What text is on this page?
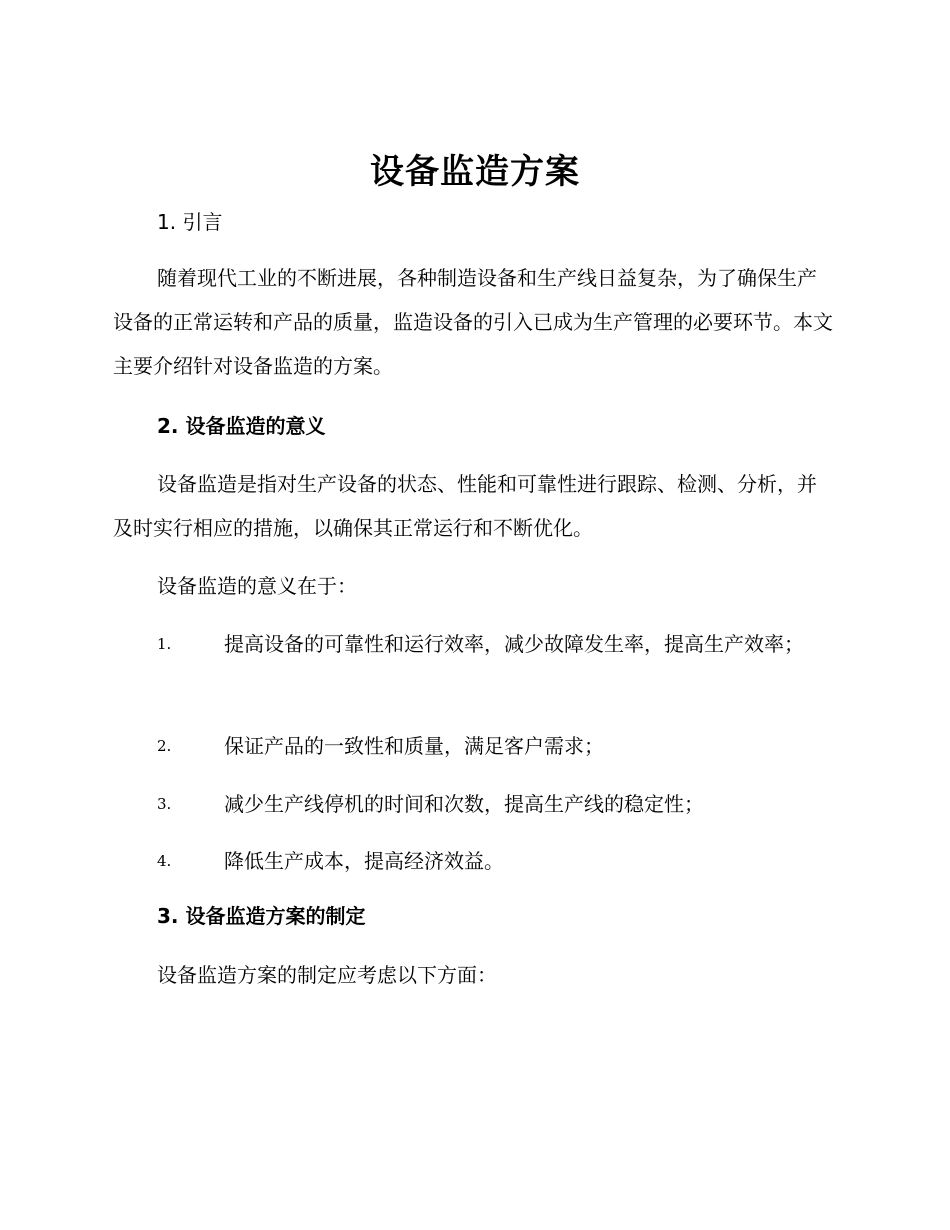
设备监造方案
1. 引言

随着现代工业的不断进展，各种制造设备和生产线日益复杂，为了确保生产设备的正常运转和产品的质量，监造设备的引入已成为生产管理的必要环节。本文主要介绍针对设备监造的方案。

2. 设备监造的意义

设备监造是指对生产设备的状态、性能和可靠性进行跟踪、检测、分析，并及时实行相应的措施，以确保其正常运行和不断优化。

设备监造的意义在于：

1.	提高设备的可靠性和运行效率，减少故障发生率，提高生产效率；
2.	保证产品的一致性和质量，满足客户需求；
3.	减少生产线停机的时间和次数，提高生产线的稳定性；
4.	降低生产成本，提高经济效益。
3. 设备监造方案的制定

设备监造方案的制定应考虑以下方面：
